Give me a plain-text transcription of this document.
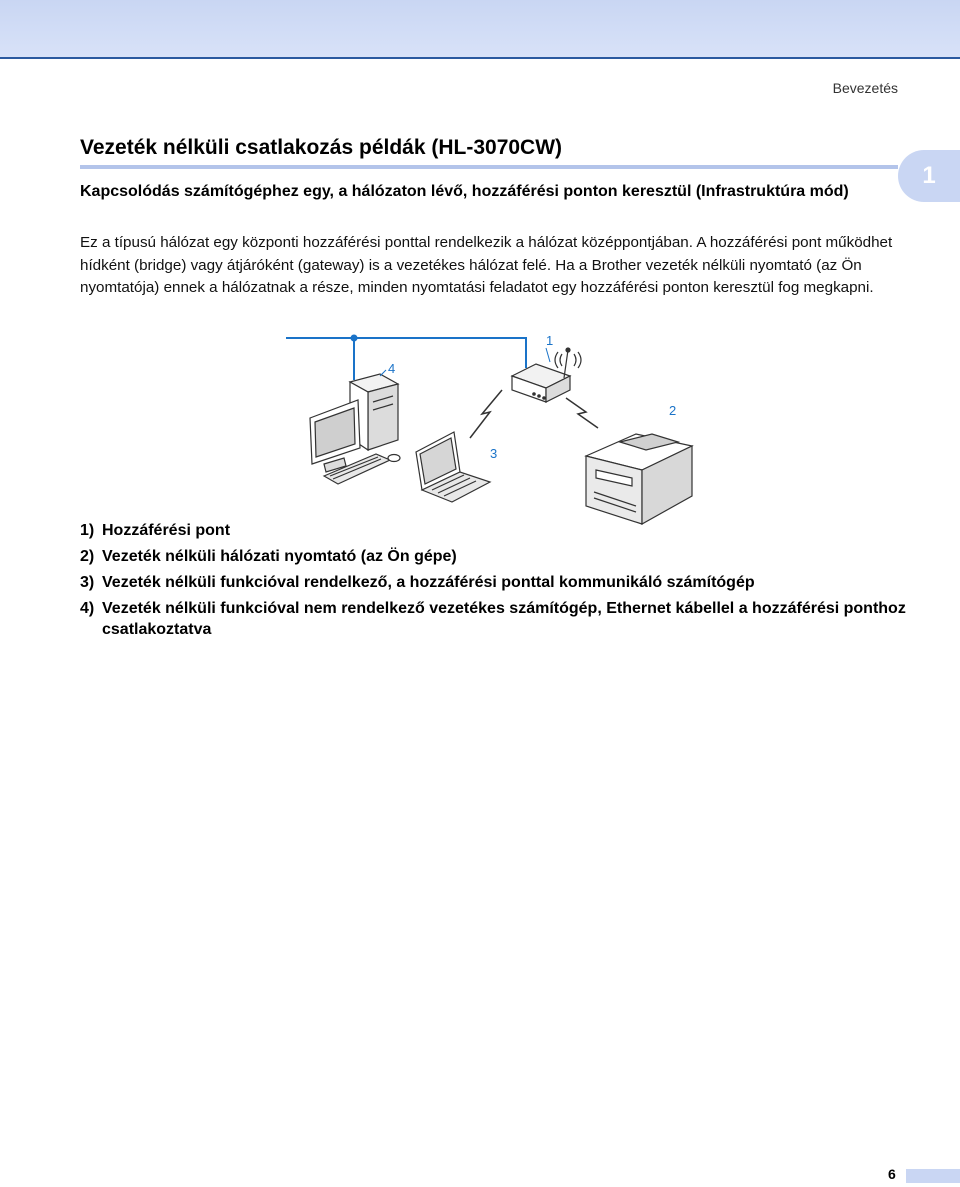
Bevezetés
Vezeték nélküli csatlakozás példák (HL-3070CW)
1
Kapcsolódás számítógéphez egy, a hálózaton lévő, hozzáférési ponton keresztül (Infrastruktúra mód)

Ez a típusú hálózat egy központi hozzáférési ponttal rendelkezik a hálózat középpontjában. A hozzáférési pont működhet hídként (bridge) vagy átjáróként (gateway) is a vezetékes hálózat felé. Ha a Brother vezeték nélküli nyomtató (az Ön nyomtatója) ennek a hálózatnak a része, minden nyomtatási feladatot egy hozzáférési ponton keresztül fog megkapni.

1
2
3
4
1) Hozzáférési pont
2) Vezeték nélküli hálózati nyomtató (az Ön gépe)
3) Vezeték nélküli funkcióval rendelkező, a hozzáférési ponttal kommunikáló számítógép
4) Vezeték nélküli funkcióval nem rendelkező vezetékes számítógép, Ethernet kábellel a hozzáférési ponthoz csatlakoztatva
6
